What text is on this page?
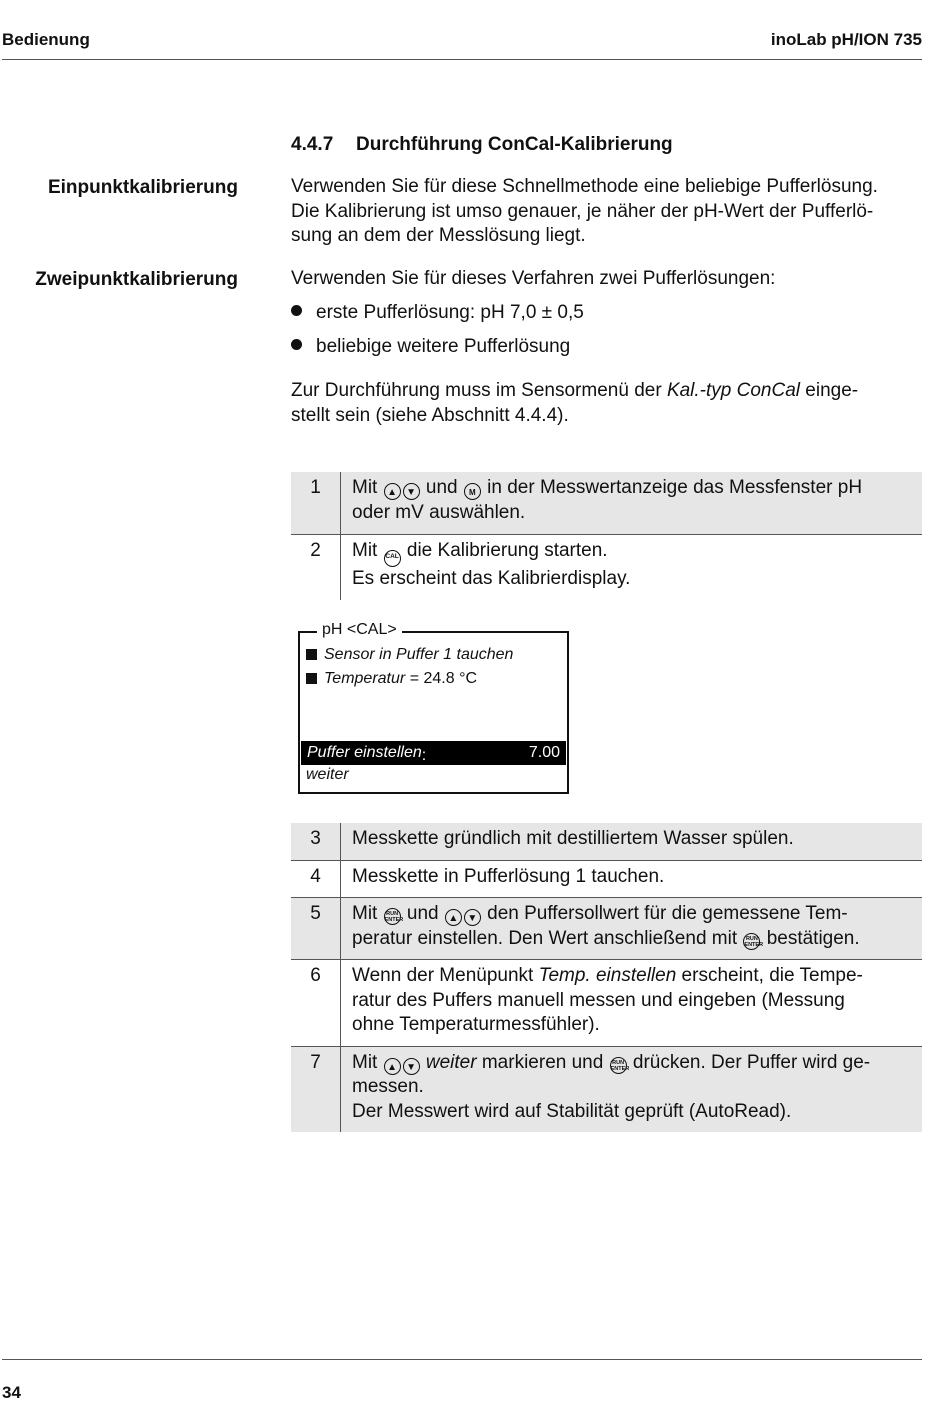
Bedienung	inoLab pH/ION 735
4.4.7 Durchführung ConCal-Kalibrierung
Einpunktkalibrierung	Verwenden Sie für diese Schnellmethode eine beliebige Pufferlösung.
Die Kalibrierung ist umso genauer, je näher der pH-Wert der Pufferlö-
sung an dem der Messlösung liegt.
Zweipunktkalibrierung	Verwenden Sie für dieses Verfahren zwei Pufferlösungen:
erste Pufferlösung: pH 7,0 ± 0,5
beliebige weitere Pufferlösung
Zur Durchführung muss im Sensormenü der Kal.-typ ConCal einge-
stellt sein (siehe Abschnitt 4.4.4).
1	Mit ▲ ▼ und M in der Messwertanzeige das Messfenster pH
oder mV auswählen.

2	Mit CAL die Kalibrierung starten.
Es erscheint das Kalibrierdisplay.
pH <CAL>
Sensor in Puffer 1 tauchen
Temperatur = 24.8 °C
Puffer einstellen :	7.00
weiter
3	Messkette gründlich mit destilliertem Wasser spülen.
4	Messkette in Pufferlösung 1 tauchen.
5	Mit RUN ENTER und ▲ ▼ den Puffersollwert für die gemessene Tem-
peratur einstellen. Den Wert anschließend mit RUN ENTER bestätigen.

6	Wenn der Menüpunkt Temp. einstellen erscheint, die Tempe-
ratur des Puffers manuell messen und eingeben (Messung
ohne Temperaturmessfühler).

7	Mit ▲ ▼ weiter markieren und RUN ENTER drücken. Der Puffer wird ge-
messen.
Der Messwert wird auf Stabilität geprüft (AutoRead).
34
